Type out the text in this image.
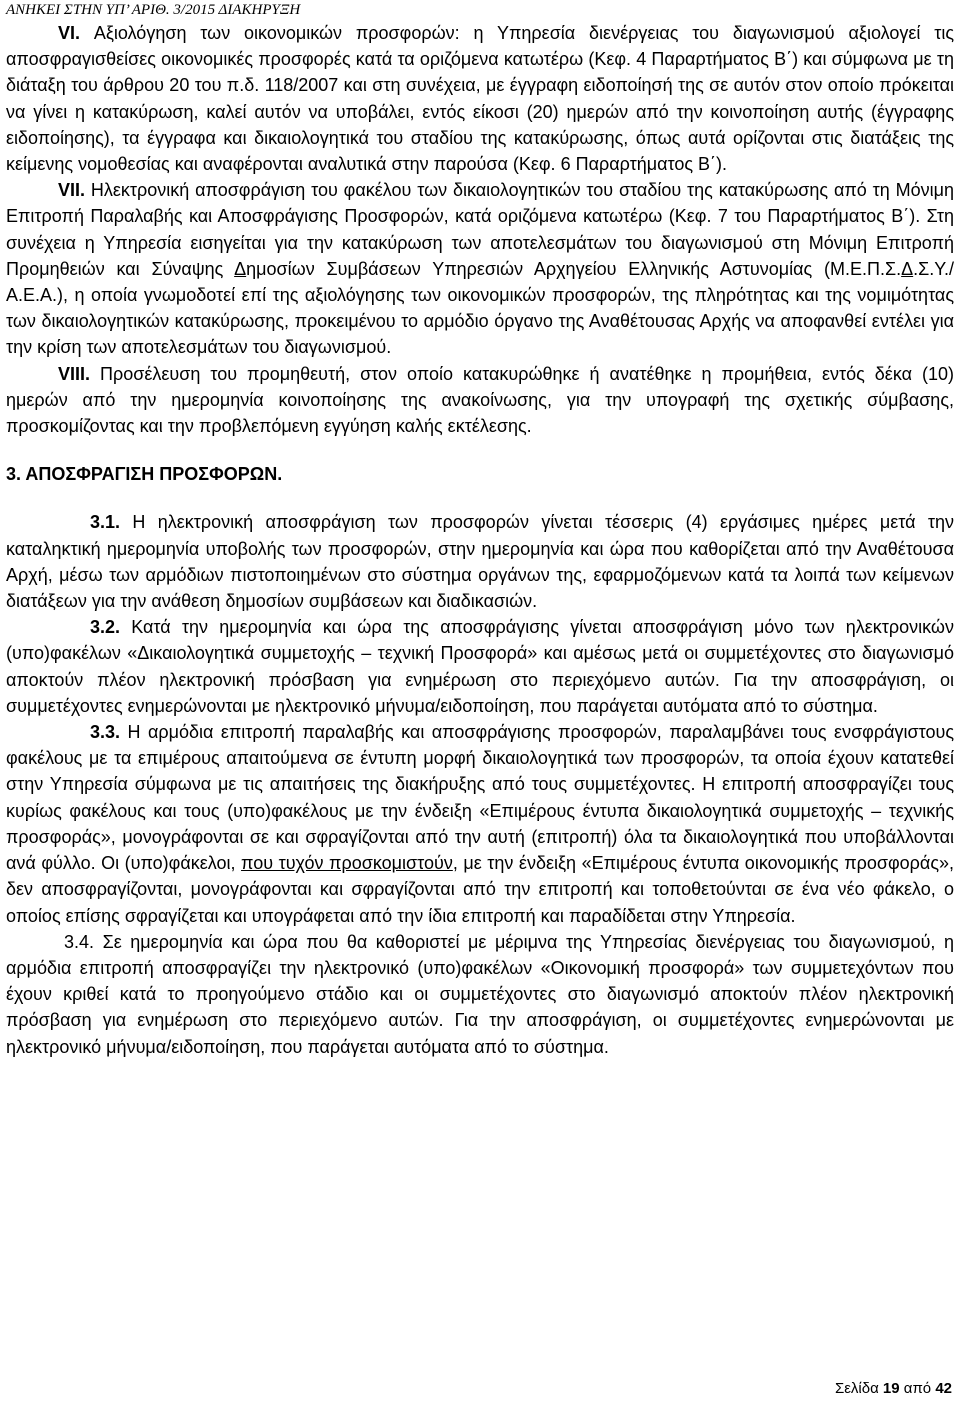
ΑΝΗΚΕΙ ΣΤΗΝ ΥΠ’ ΑΡΙΘ. 3/2015 ΔΙΑΚΗΡΥΞΗ

VI. Αξιολόγηση των οικονομικών προσφορών: η Υπηρεσία διενέργειας του διαγωνισμού αξιολογεί τις αποσφραγισθείσες οικονομικές προσφορές κατά τα οριζόμενα κατωτέρω (Κεφ. 4 Παραρτήματος Β΄) και σύμφωνα με τη διάταξη του άρθρου 20 του π.δ. 118/2007 και στη συνέχεια, με έγγραφη ειδοποίησή της σε αυτόν στον οποίο πρόκειται να γίνει η κατακύρωση, καλεί αυτόν να υποβάλει, εντός είκοσι (20) ημερών από την κοινοποίηση αυτής (έγγραφης ειδοποίησης), τα έγγραφα και δικαιολογητικά του σταδίου της κατακύρωσης, όπως αυτά ορίζονται στις διατάξεις της κείμενης νομοθεσίας και αναφέρονται αναλυτικά στην παρούσα (Κεφ. 6 Παραρτήματος Β΄).

VII. Ηλεκτρονική αποσφράγιση του φακέλου των δικαιολογητικών του σταδίου της κατακύρωσης από τη Μόνιμη Επιτροπή Παραλαβής και Αποσφράγισης Προσφορών, κατά οριζόμενα κατωτέρω (Κεφ. 7 του Παραρτήματος Β΄). Στη συνέχεια η Υπηρεσία εισηγείται για την κατακύρωση των αποτελεσμάτων του διαγωνισμού στη Μόνιμη Επιτροπή Προμηθειών και Σύναψης Δημοσίων Συμβάσεων Υπηρεσιών Αρχηγείου Ελληνικής Αστυνομίας (Μ.Ε.Π.Σ.Δ.Σ.Υ./Α.Ε.Α.), η οποία γνωμοδοτεί επί της αξιολόγησης των οικονομικών προσφορών, της πληρότητας και της νομιμότητας των δικαιολογητικών κατακύρωσης, προκειμένου το αρμόδιο όργανο της Αναθέτουσας Αρχής να αποφανθεί εντέλει για την κρίση των αποτελεσμάτων του διαγωνισμού.

VIII. Προσέλευση του προμηθευτή, στον οποίο κατακυρώθηκε ή ανατέθηκε η προμήθεια, εντός δέκα (10) ημερών από την ημερομηνία κοινοποίησης της ανακοίνωσης, για την υπογραφή της σχετικής σύμβασης, προσκομίζοντας και την προβλεπόμενη εγγύηση καλής εκτέλεσης.

3. ΑΠΟΣΦΡΑΓΙΣΗ ΠΡΟΣΦΟΡΩΝ.

3.1. Η ηλεκτρονική αποσφράγιση των προσφορών γίνεται τέσσερις (4) εργάσιμες ημέρες μετά την καταληκτική ημερομηνία υποβολής των προσφορών, στην ημερομηνία και ώρα που καθορίζεται από την Αναθέτουσα Αρχή, μέσω των αρμόδιων πιστοποιημένων στο σύστημα οργάνων της, εφαρμοζόμενων κατά τα λοιπά των κείμενων διατάξεων για την ανάθεση δημοσίων συμβάσεων και διαδικασιών.

3.2. Κατά την ημερομηνία και ώρα της αποσφράγισης γίνεται αποσφράγιση μόνο των ηλεκτρονικών (υπο)φακέλων «Δικαιολογητικά συμμετοχής – τεχνική Προσφορά» και αμέσως μετά οι συμμετέχοντες στο διαγωνισμό αποκτούν πλέον ηλεκτρονική πρόσβαση για ενημέρωση στο περιεχόμενο αυτών. Για την αποσφράγιση, οι συμμετέχοντες ενημερώνονται με ηλεκτρονικό μήνυμα/ειδοποίηση, που παράγεται αυτόματα από το σύστημα.

3.3. Η αρμόδια επιτροπή παραλαβής και αποσφράγισης προσφορών, παραλαμβάνει τους ενσφράγιστους φακέλους με τα επιμέρους απαιτούμενα σε έντυπη μορφή δικαιολογητικά των προσφορών, τα οποία έχουν κατατεθεί στην Υπηρεσία σύμφωνα με τις απαιτήσεις της διακήρυξης από τους συμμετέχοντες. Η επιτροπή αποσφραγίζει τους κυρίως φακέλους και τους (υπο)φακέλους με την ένδειξη «Επιμέρους έντυπα δικαιολογητικά συμμετοχής – τεχνικής προσφοράς», μονογράφονται σε και σφραγίζονται από την αυτή (επιτροπή) όλα τα δικαιολογητικά που υποβάλλονται ανά φύλλο. Οι (υπο)φάκελοι, που τυχόν προσκομιστούν, με την ένδειξη «Επιμέρους έντυπα οικονομικής προσφοράς», δεν αποσφραγίζονται, μονογράφονται και σφραγίζονται από την επιτροπή και τοποθετούνται σε ένα νέο φάκελο, ο οποίος επίσης σφραγίζεται και υπογράφεται από την ίδια επιτροπή και παραδίδεται στην Υπηρεσία.

3.4. Σε ημερομηνία και ώρα που θα καθοριστεί με μέριμνα της Υπηρεσίας διενέργειας του διαγωνισμού, η αρμόδια επιτροπή αποσφραγίζει την ηλεκτρονικό (υπο)φακέλων «Οικονομική προσφορά» των συμμετεχόντων που έχουν κριθεί κατά το προηγούμενο στάδιο και οι συμμετέχοντες στο διαγωνισμό αποκτούν πλέον ηλεκτρονική πρόσβαση για ενημέρωση στο περιεχόμενο αυτών. Για την αποσφράγιση, οι συμμετέχοντες ενημερώνονται με ηλεκτρονικό μήνυμα/ειδοποίηση, που παράγεται αυτόματα από το σύστημα.

Σελίδα 19 από 42
